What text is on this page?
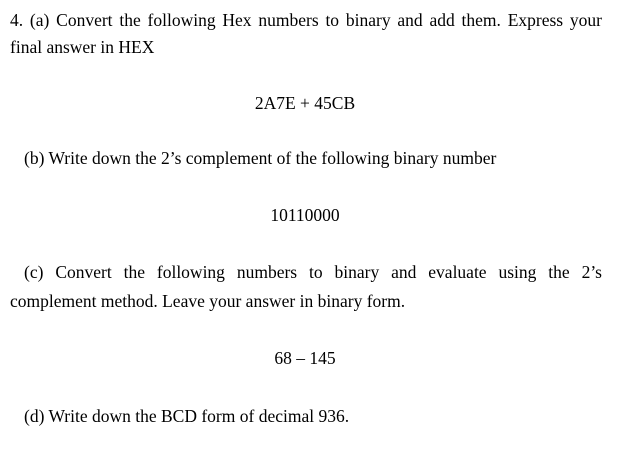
4. (a) Convert the following Hex numbers to binary and add them. Express your
final answer in HEX
2A7E + 45CB
(b) Write down the 2’s complement of the following binary number
10110000
(c) Convert the following numbers to binary and evaluate using the 2’s
complement method. Leave your answer in binary form.
68 – 145
(d) Write down the BCD form of decimal 936.
